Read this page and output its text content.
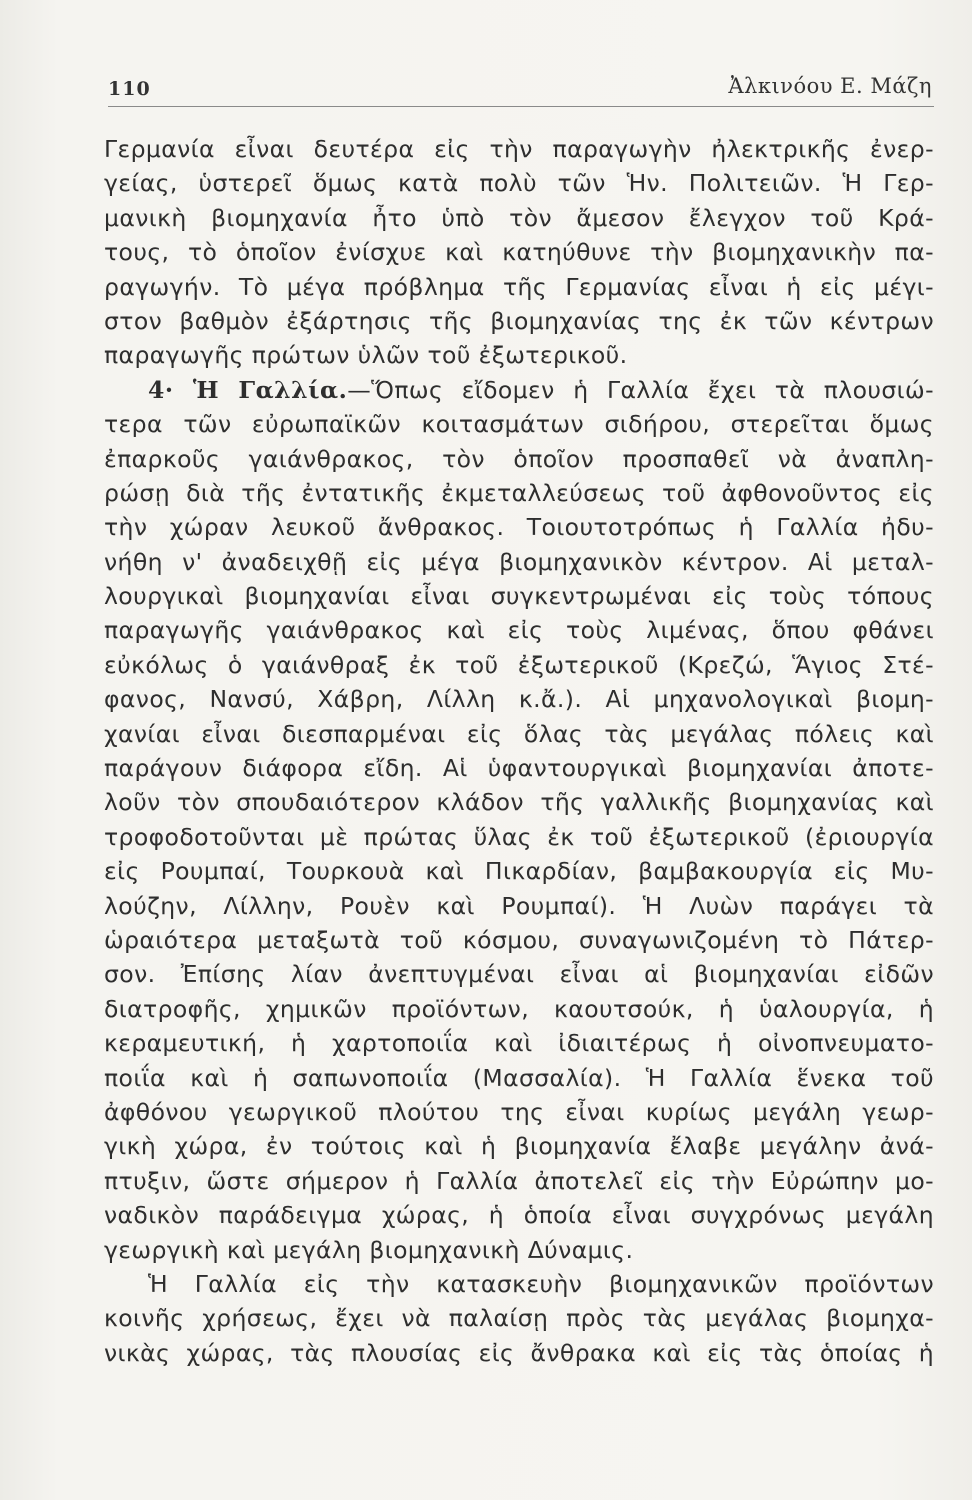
110	Ἀλκινόου Ε. Μάζη
Γερμανία εἶναι δευτέρα εἰς τὴν παραγωγὴν ἠλεκτρικῆς ἐνερ-
γείας, ὑστερεῖ ὅμως κατὰ πολὺ τῶν Ἡν. Πολιτειῶν. Ἡ Γερ-
μανικὴ βιομηχανία ἦτο ὑπὸ τὸν ἄμεσον ἔλεγχον τοῦ Κρά-
τους, τὸ ὁποῖον ἐνίσχυε καὶ κατηύθυνε τὴν βιομηχανικὴν πα-
ραγωγήν. Τὸ μέγα πρόβλημα τῆς Γερμανίας εἶναι ἡ εἰς μέγι-
στον βαθμὸν ἐξάρτησις τῆς βιομηχανίας της ἐκ τῶν κέντρων
παραγωγῆς πρώτων ὑλῶν τοῦ ἐξωτερικοῦ.
4· Ἡ Γαλλία.—Ὅπως εἴδομεν ἡ Γαλλία ἔχει τὰ πλουσιώ-
τερα τῶν εὐρωπαϊκῶν κοιτασμάτων σιδήρου, στερεῖται ὅμως
ἐπαρκοῦς γαιάνθρακος, τὸν ὁποῖον προσπαθεῖ νὰ ἀναπλη-
ρώσῃ διὰ τῆς ἐντατικῆς ἐκμεταλλεύσεως τοῦ ἀφθονοῦντος εἰς
τὴν χώραν λευκοῦ ἄνθρακος. Τοιουτοτρόπως ἡ Γαλλία ἠδυ-
νήθη ν' ἀναδειχθῇ εἰς μέγα βιομηχανικὸν κέντρον. Αἱ μεταλ-
λουργικαὶ βιομηχανίαι εἶναι συγκεντρωμέναι εἰς τοὺς τόπους
παραγωγῆς γαιάνθρακος καὶ εἰς τοὺς λιμένας, ὅπου φθάνει
εὐκόλως ὁ γαιάνθραξ ἐκ τοῦ ἐξωτερικοῦ (Κρεζώ, Ἅγιος Στέ-
φανος, Νανσύ, Χάβρη, Λίλλη κ.ἄ.). Αἱ μηχανολογικαὶ βιομη-
χανίαι εἶναι διεσπαρμέναι εἰς ὅλας τὰς μεγάλας πόλεις καὶ
παράγουν διάφορα εἴδη. Αἱ ὑφαντουργικαὶ βιομηχανίαι ἀποτε-
λοῦν τὸν σπουδαιότερον κλάδον τῆς γαλλικῆς βιομηχανίας καὶ
τροφοδοτοῦνται μὲ πρώτας ὕλας ἐκ τοῦ ἐξωτερικοῦ (ἐριουργία
εἰς Ρουμπαί, Τουρκουὰ καὶ Πικαρδίαν, βαμβακουργία εἰς Μυ-
λούζην, Λίλλην, Ρουὲν καὶ Ρουμπαί). Ἡ Λυὼν παράγει τὰ
ὡραιότερα μεταξωτὰ τοῦ κόσμου, συναγωνιζομένη τὸ Πάτερ-
σον. Ἐπίσης λίαν ἀνεπτυγμέναι εἶναι αἱ βιομηχανίαι εἰδῶν
διατροφῆς, χημικῶν προϊόντων, καουτσούκ, ἡ ὑαλουργία, ἡ
κεραμευτική, ἡ χαρτοποιΐα καὶ ἰδιαιτέρως ἡ οἰνοπνευματο-
ποιΐα καὶ ἡ σαπωνοποιΐα (Μασσαλία). Ἡ Γαλλία ἕνεκα τοῦ
ἀφθόνου γεωργικοῦ πλούτου της εἶναι κυρίως μεγάλη γεωρ-
γικὴ χώρα, ἐν τούτοις καὶ ἡ βιομηχανία ἔλαβε μεγάλην ἀνά-
πτυξιν, ὥστε σήμερον ἡ Γαλλία ἀποτελεῖ εἰς τὴν Εὐρώπην μο-
ναδικὸν παράδειγμα χώρας, ἡ ὁποία εἶναι συγχρόνως μεγάλη
γεωργικὴ καὶ μεγάλη βιομηχανικὴ Δύναμις.
Ἡ Γαλλία εἰς τὴν κατασκευὴν βιομηχανικῶν προϊόντων
κοινῆς χρήσεως, ἔχει νὰ παλαίσῃ πρὸς τὰς μεγάλας βιομηχα-
νικὰς χώρας, τὰς πλουσίας εἰς ἄνθρακα καὶ εἰς τὰς ὁποίας ἡ
